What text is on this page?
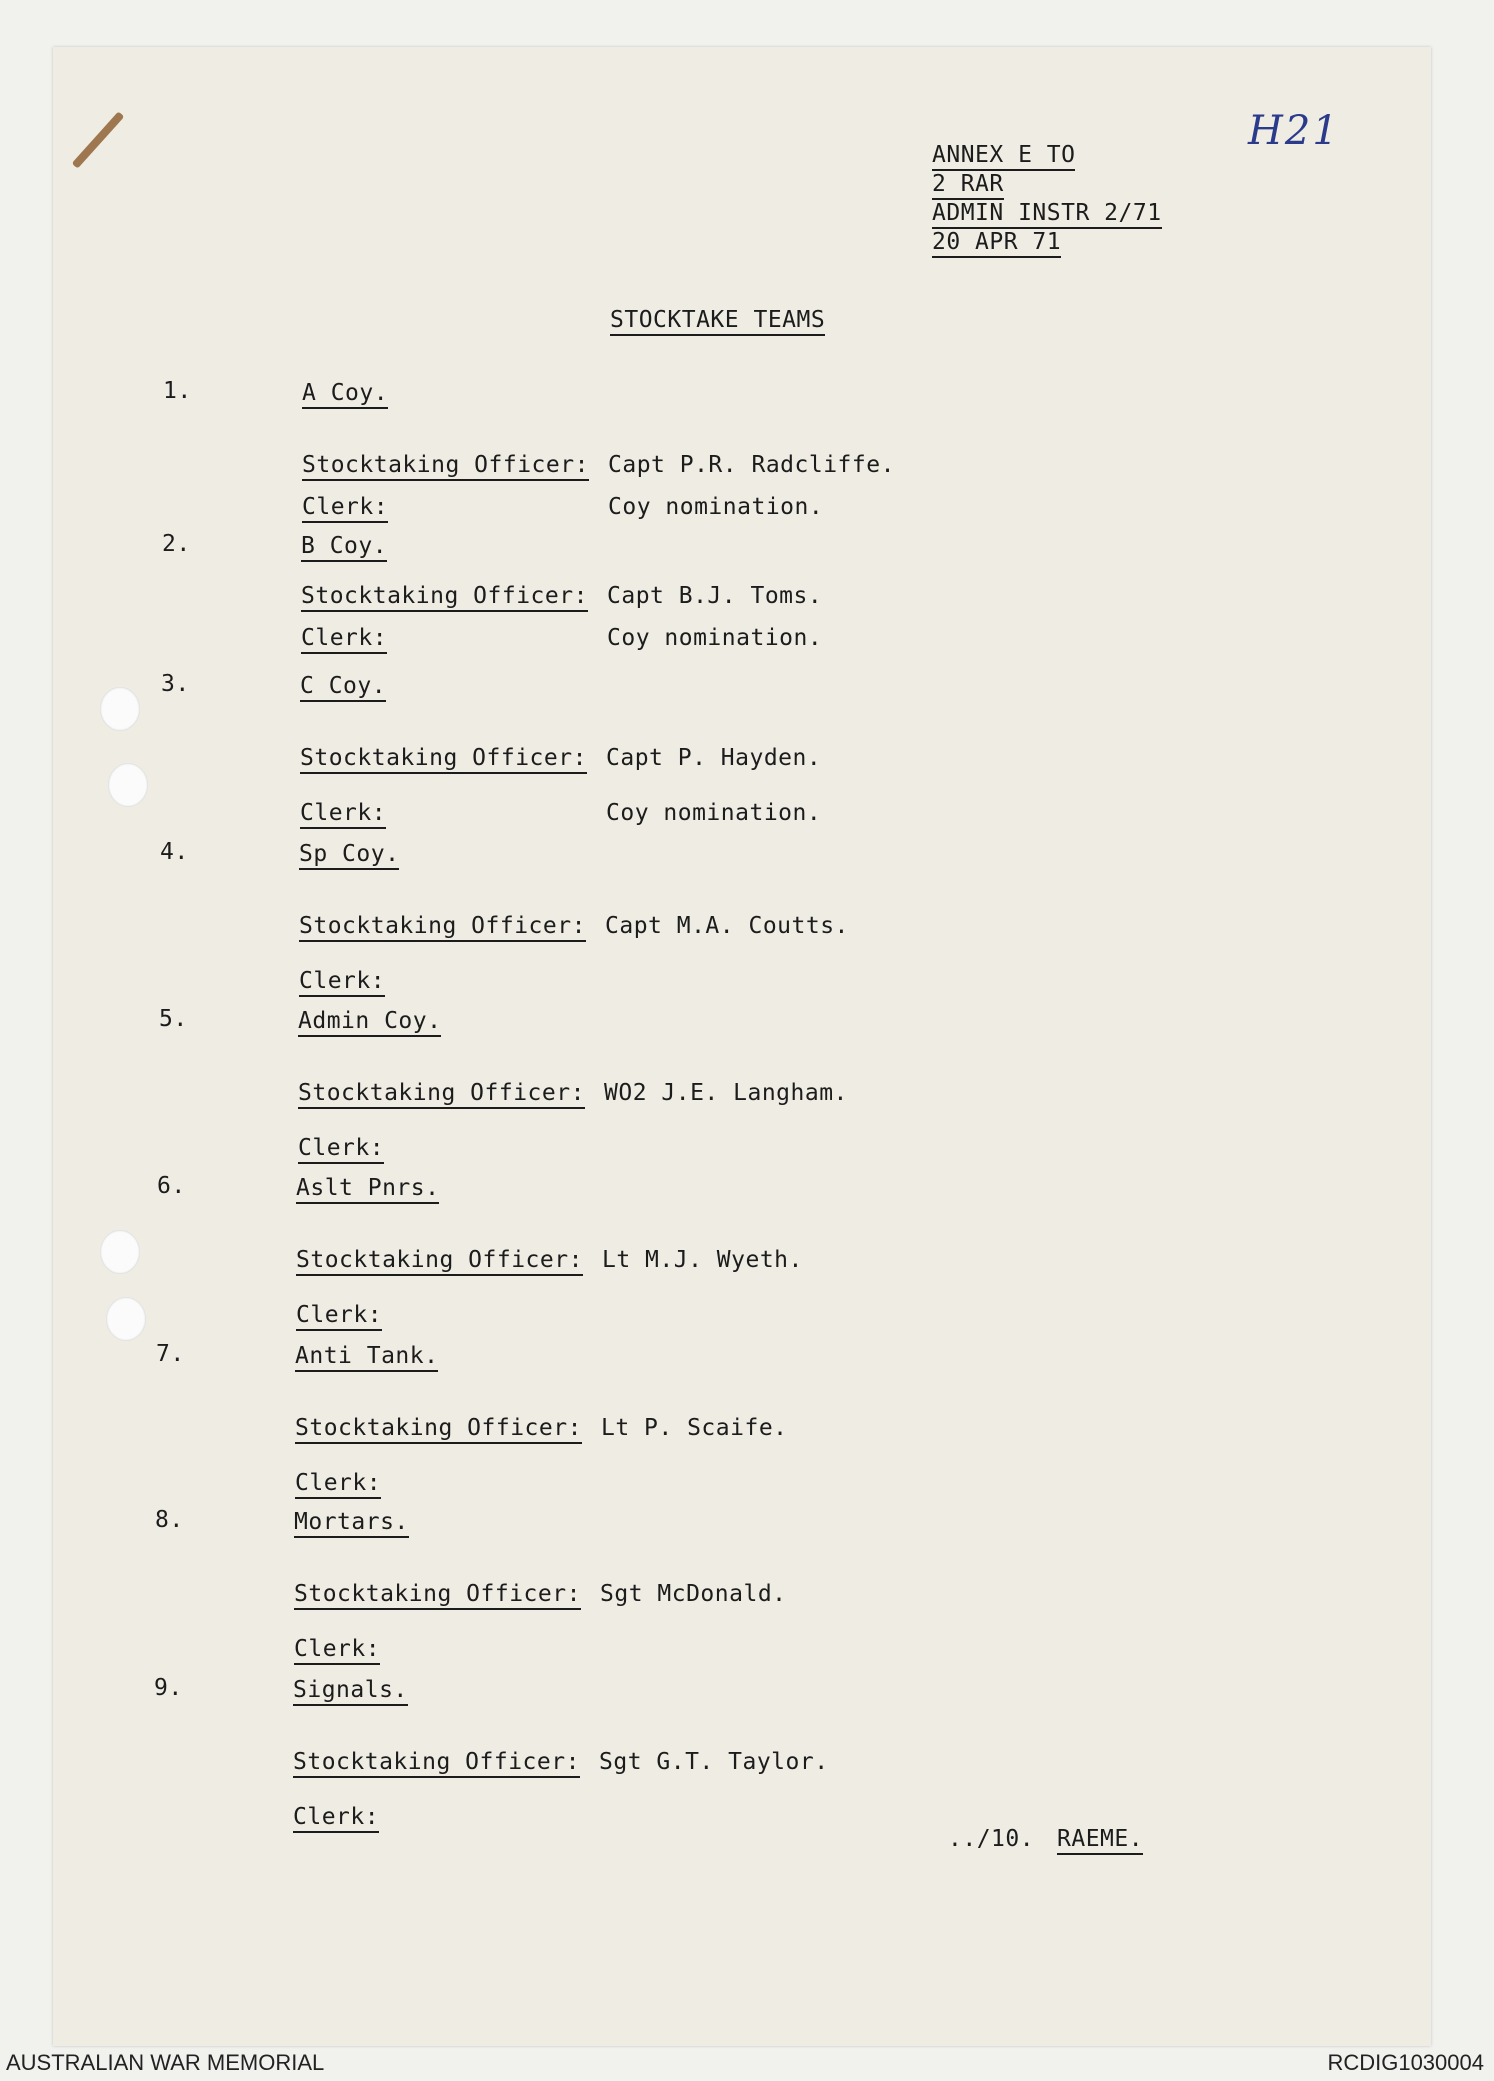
H21
ANNEX E TO
2 RAR
ADMIN INSTR 2/71
20 APR 71
STOCKTAKE TEAMS
1.	A Coy.
Stocktaking Officer: Capt P.R. Radcliffe.
Clerk:	Coy nomination.
2.	B Coy.
Stocktaking Officer: Capt B.J. Toms.
Clerk:	Coy nomination.
3.	C Coy.
Stocktaking Officer: Capt P. Hayden.
Clerk:	Coy nomination.
4.	Sp Coy.
Stocktaking Officer: Capt M.A. Coutts.
Clerk:
5.	Admin Coy.
Stocktaking Officer: WO2 J.E. Langham.
Clerk:
6.	Aslt Pnrs.
Stocktaking Officer: Lt M.J. Wyeth.
Clerk:
7.	Anti Tank.
Stocktaking Officer: Lt P. Scaife.
Clerk:
8.	Mortars.
Stocktaking Officer: Sgt McDonald.
Clerk:
9.	Signals.
Stocktaking Officer: Sgt G.T. Taylor.
Clerk:
../10. RAEME.
AUSTRALIAN WAR MEMORIAL	RCDIG1030004
